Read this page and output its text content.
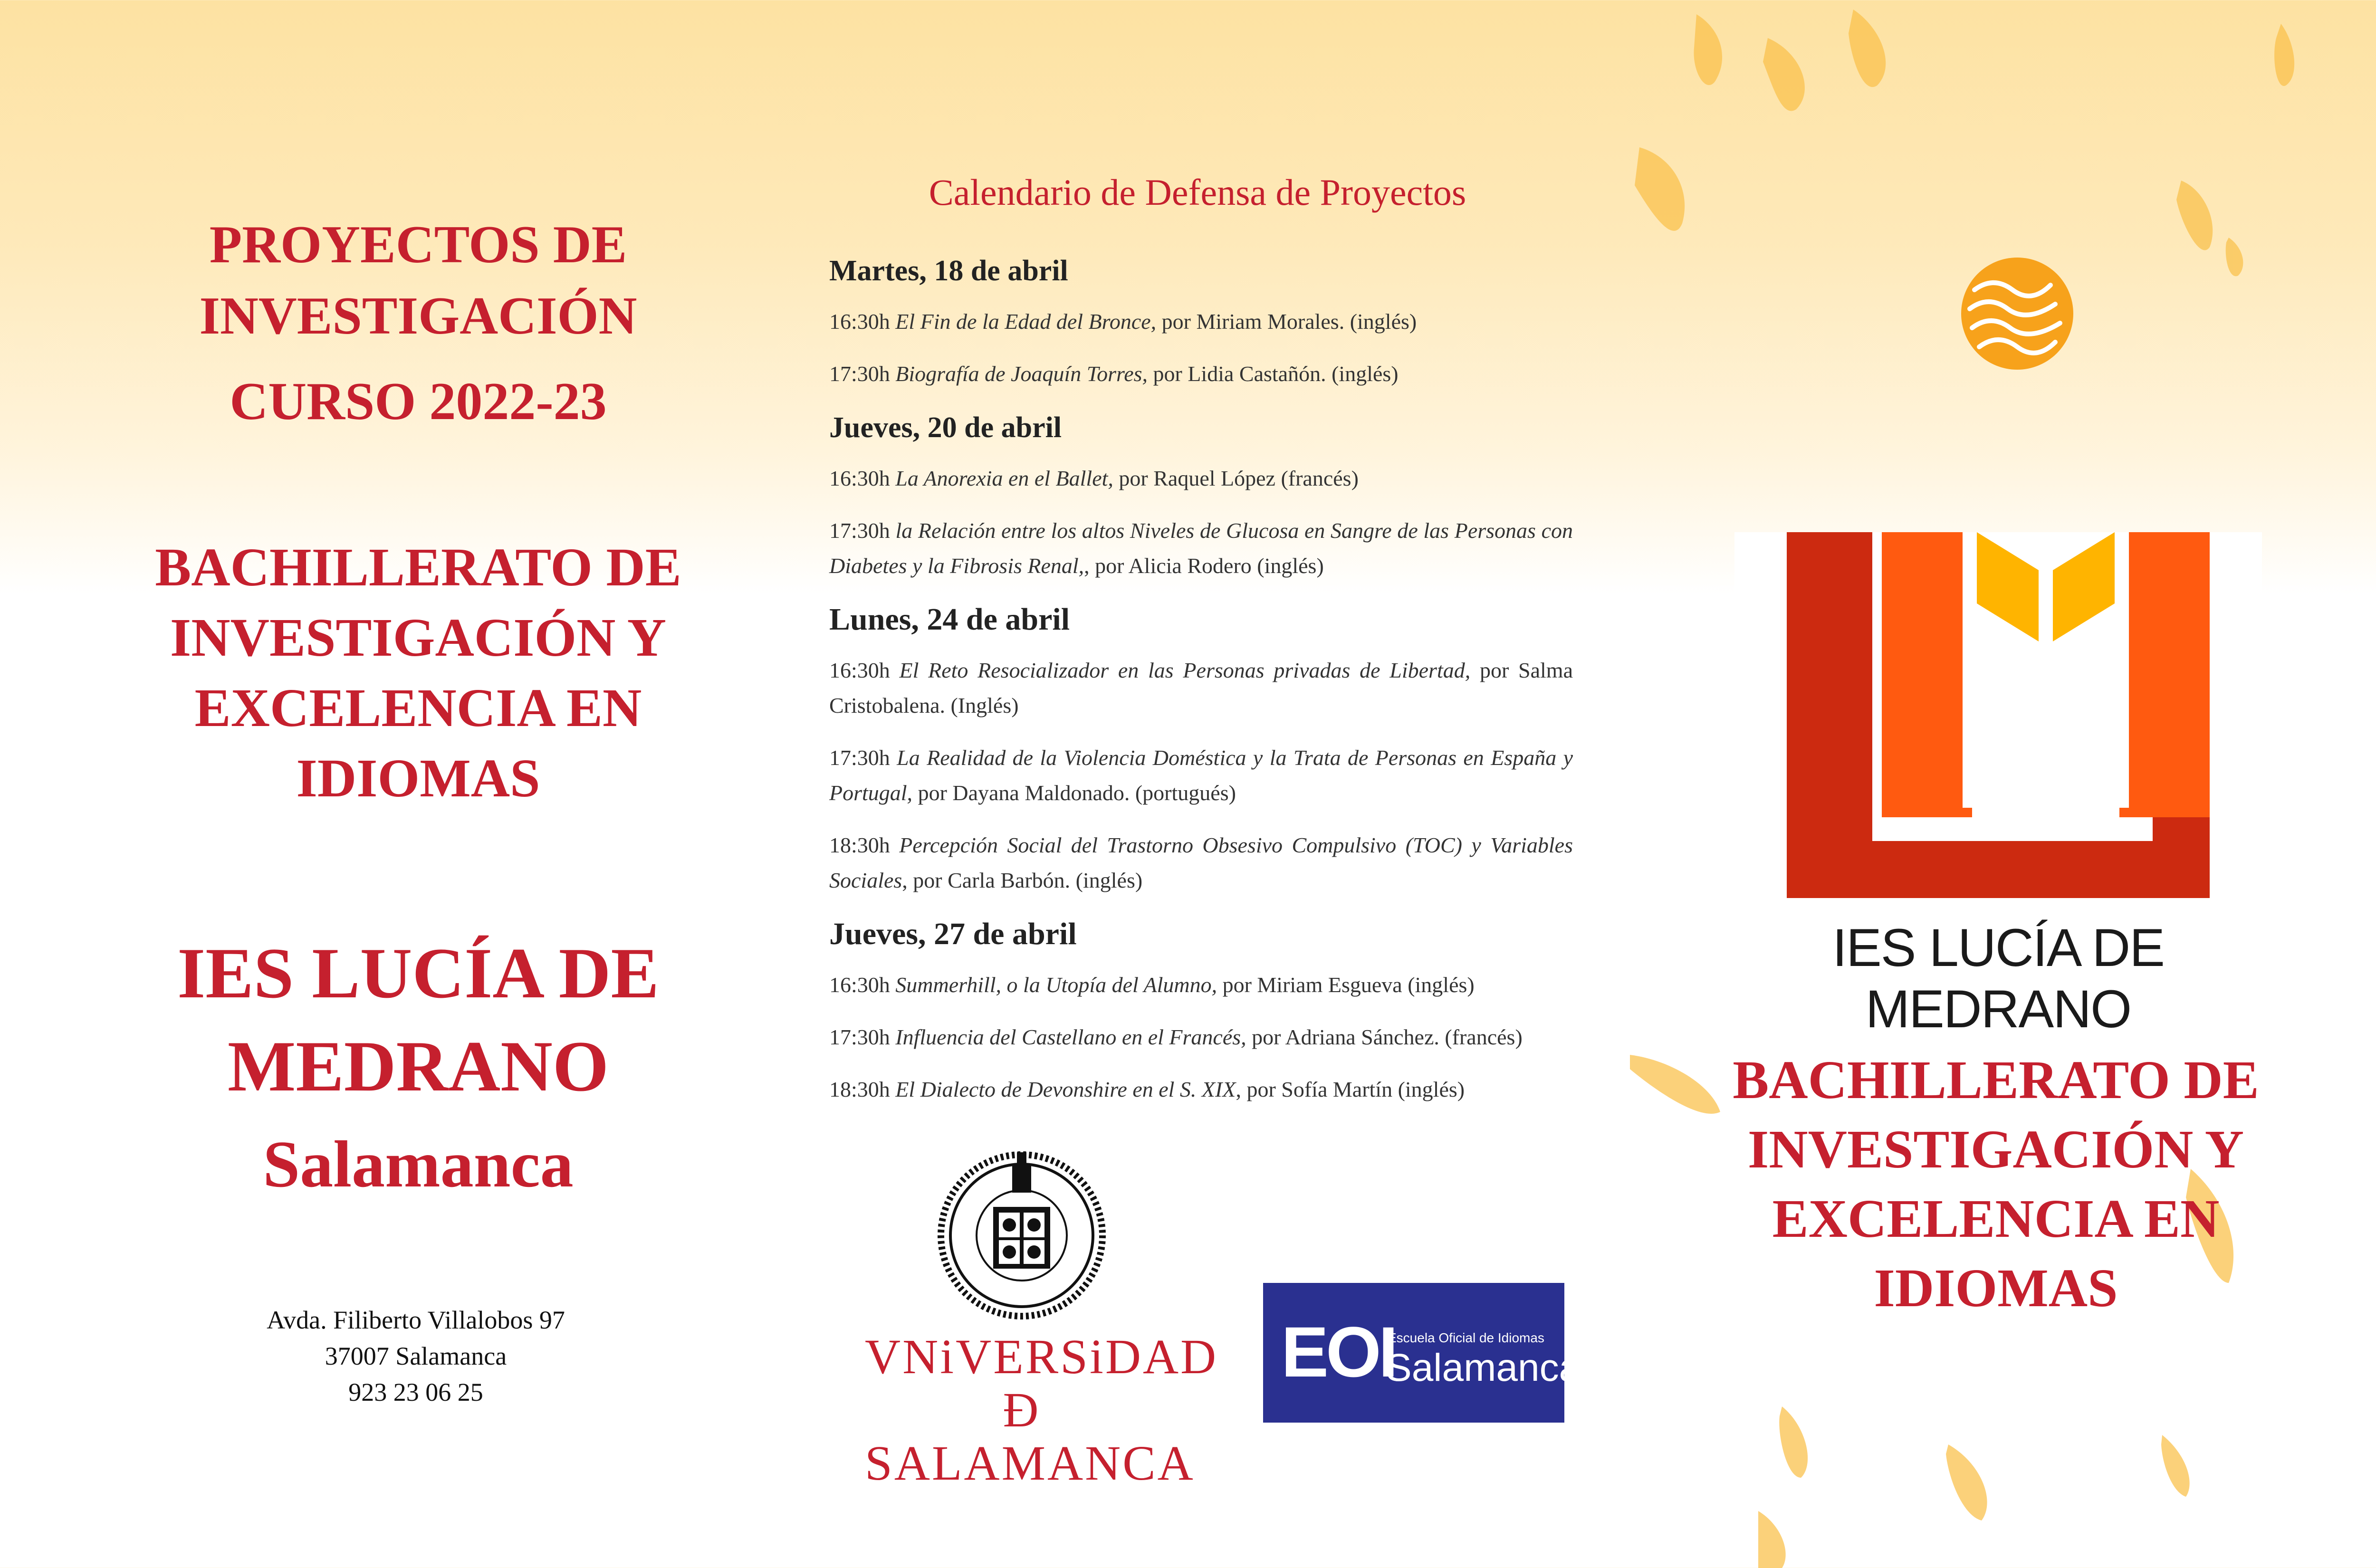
PROYECTOS DE
INVESTIGACIÓN
CURSO 2022-23
BACHILLERATO DE
INVESTIGACIÓN Y
EXCELENCIA EN
IDIOMAS
IES LUCÍA DE
MEDRANO
Salamanca
Avda. Filiberto Villalobos 97
37007 Salamanca
923 23 06 25
Calendario de Defensa de Proyectos
Martes, 18 de abril
16:30h El Fin de la Edad del Bronce, por Miriam Morales. (inglés)
17:30h Biografía de Joaquín Torres, por Lidia Castañón. (inglés)
Jueves, 20 de abril
16:30h La Anorexia en el Ballet, por Raquel López (francés)
17:30h la Relación entre los altos Niveles de Glucosa en Sangre de las Personas con Diabetes y la Fibrosis Renal,, por Alicia Rodero (inglés)
Lunes, 24 de abril
16:30h El Reto Resocializador en las Personas privadas de Libertad, por Salma Cristobalena. (Inglés)
17:30h La Realidad de la Violencia Doméstica y la Trata de Personas en España y Portugal, por Dayana Maldonado. (portugués)
18:30h Percepción Social del Trastorno Obsesivo Compulsivo (TOC) y Variables Sociales, por Carla Barbón. (inglés)
Jueves, 27 de abril
16:30h Summerhill, o la Utopía del Alumno, por Miriam Esgueva (inglés)
17:30h Influencia del Castellano en el Francés, por Adriana Sánchez. (francés)
18:30h El Dialecto de Devonshire en el S. XIX, por Sofía Martín (inglés)
VNiVERSiDAD
Ð SALAMANCA
EOI
Escuela Oficial de Idiomas
Salamanca
IES LUCÍA DE MEDRANO
BACHILLERATO DE
INVESTIGACIÓN Y
EXCELENCIA EN
IDIOMAS
